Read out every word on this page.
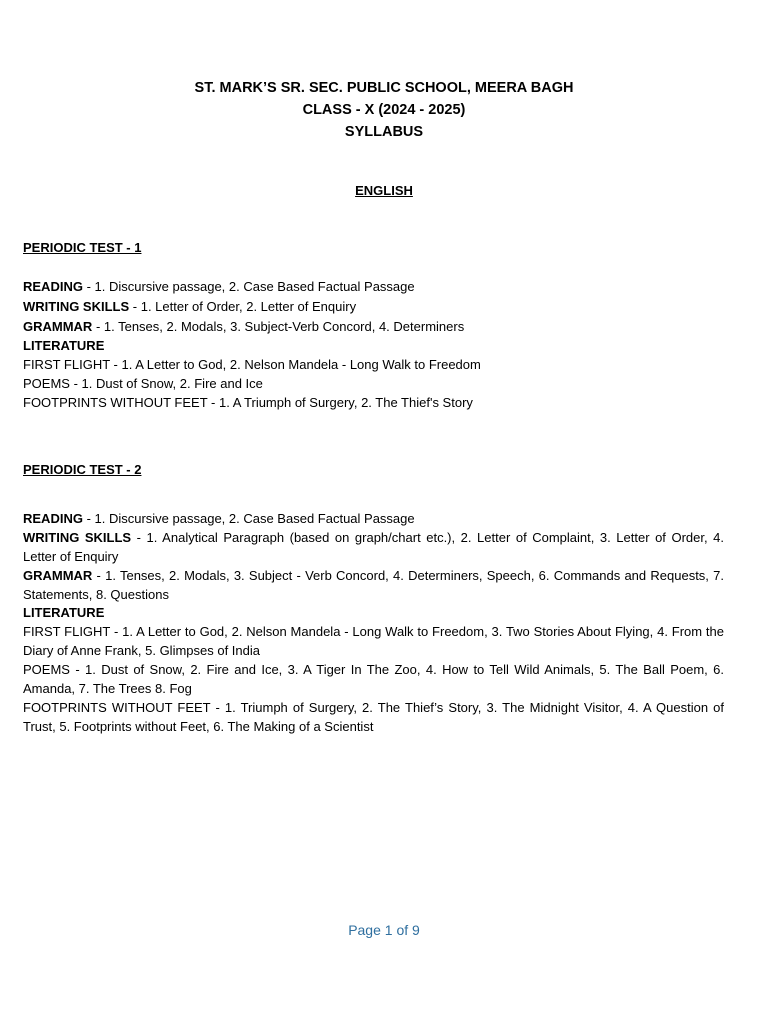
ST. MARK’S SR. SEC. PUBLIC SCHOOL, MEERA BAGH
CLASS - X (2024 - 2025)
SYLLABUS
ENGLISH
PERIODIC TEST - 1
READING - 1. Discursive passage, 2. Case Based Factual Passage
WRITING SKILLS - 1. Letter of Order, 2. Letter of Enquiry
GRAMMAR - 1. Tenses, 2. Modals, 3. Subject-Verb Concord, 4. Determiners
LITERATURE
FIRST FLIGHT - 1. A Letter to God, 2. Nelson Mandela - Long Walk to Freedom
POEMS - 1. Dust of Snow, 2. Fire and Ice
FOOTPRINTS WITHOUT FEET - 1. A Triumph of Surgery, 2. The Thief's Story
PERIODIC TEST - 2
READING - 1. Discursive passage, 2. Case Based Factual Passage
WRITING SKILLS - 1. Analytical Paragraph (based on graph/chart etc.), 2. Letter of Complaint, 3. Letter of Order, 4. Letter of Enquiry
GRAMMAR - 1. Tenses, 2. Modals, 3. Subject - Verb Concord, 4. Determiners, Speech, 6. Commands and Requests, 7. Statements, 8. Questions
LITERATURE
FIRST FLIGHT - 1. A Letter to God, 2. Nelson Mandela - Long Walk to Freedom, 3. Two Stories About Flying, 4. From the Diary of Anne Frank, 5. Glimpses of India
POEMS - 1. Dust of Snow, 2. Fire and Ice, 3. A Tiger In The Zoo, 4. How to Tell Wild Animals, 5. The Ball Poem, 6. Amanda, 7. The Trees 8. Fog
FOOTPRINTS WITHOUT FEET - 1. Triumph of Surgery, 2. The Thief’s Story, 3. The Midnight Visitor, 4. A Question of Trust, 5. Footprints without Feet, 6. The Making of a Scientist
Page 1 of 9
